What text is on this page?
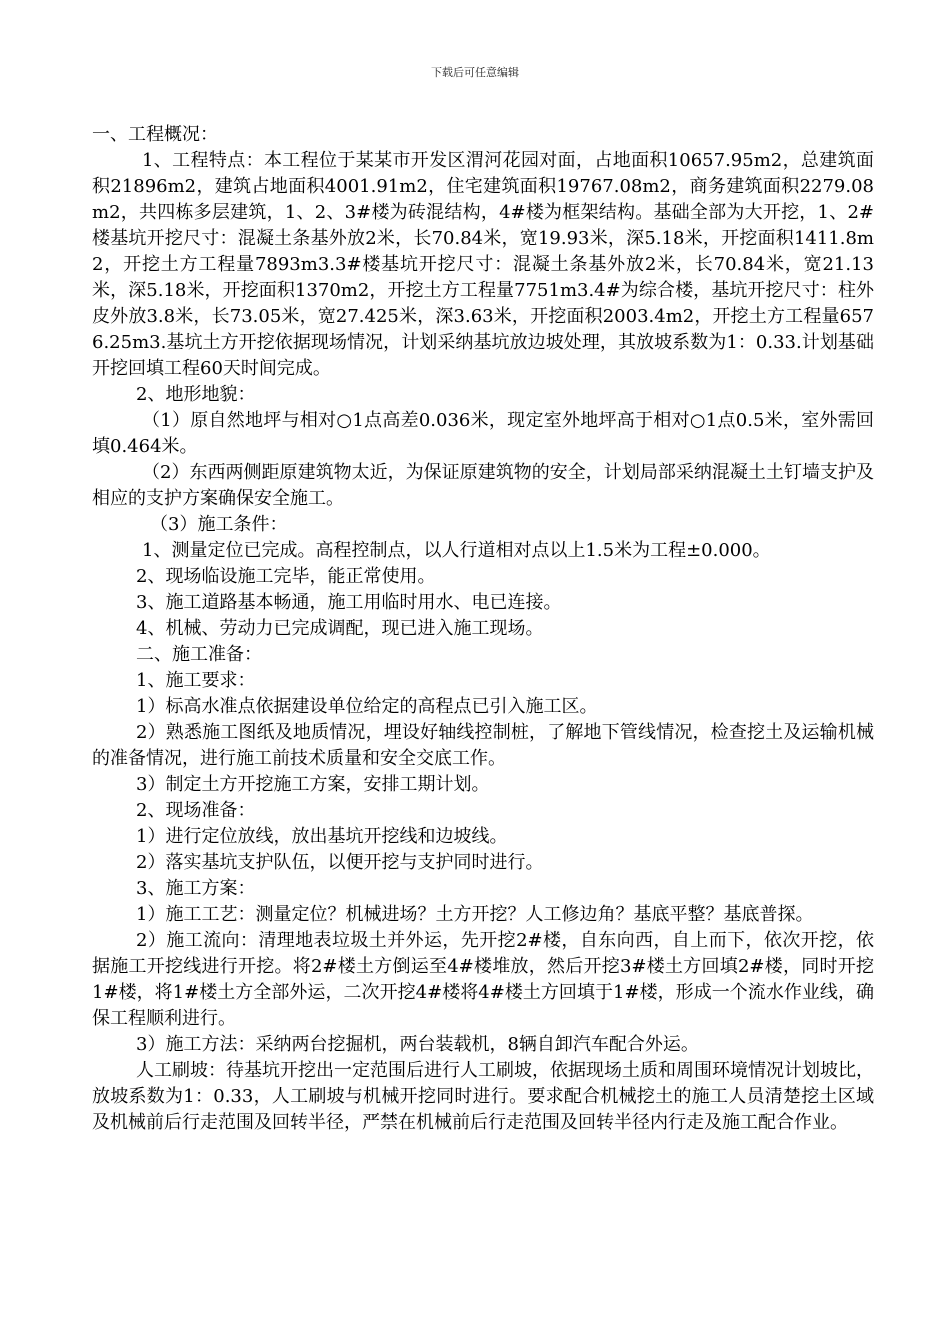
下载后可任意编辑

一、工程概况：

1、工程特点：本工程位于某某市开发区渭河花园对面，占地面积10657.95m2，总建筑面积21896m2，建筑占地面积4001.91m2，住宅建筑面积19767.08m2，商务建筑面积2279.08m2，共四栋多层建筑，1、2、3#楼为砖混结构，4#楼为框架结构。基础全部为大开挖，1、2#楼基坑开挖尺寸：混凝土条基外放2米，长70.84米，宽19.93米，深5.18米，开挖面积1411.8m2，开挖土方工程量7893m3.3#楼基坑开挖尺寸：混凝土条基外放2米，长70.84米，宽21.13米，深5.18米，开挖面积1370m2，开挖土方工程量7751m3.4#为综合楼，基坑开挖尺寸：柱外皮外放3.8米，长73.05米，宽27.425米，深3.63米，开挖面积2003.4m2，开挖土方工程量6576.25m3.基坑土方开挖依据现场情况，计划采纳基坑放边坡处理，其放坡系数为1：0.33.计划基础开挖回填工程60天时间完成。

2、地形地貌：

（1）原自然地坪与相对○1点高差0.036米，现定室外地坪高于相对○1点0.5米，室外需回填0.464米。

（2）东西两侧距原建筑物太近，为保证原建筑物的安全，计划局部采纳混凝土土钉墙支护及相应的支护方案确保安全施工。

（3）施工条件：

1、测量定位已完成。高程控制点，以人行道相对点以上1.5米为工程±0.000。

2、现场临设施工完毕，能正常使用。

3、施工道路基本畅通，施工用临时用水、电已连接。

4、机械、劳动力已完成调配，现已进入施工现场。

二、施工准备：

1、施工要求：

1）标高水准点依据建设单位给定的高程点已引入施工区。

2）熟悉施工图纸及地质情况，埋设好轴线控制桩，了解地下管线情况，检查挖土及运输机械的准备情况，进行施工前技术质量和安全交底工作。

3）制定土方开挖施工方案，安排工期计划。

2、现场准备：

1）进行定位放线，放出基坑开挖线和边坡线。

2）落实基坑支护队伍，以便开挖与支护同时进行。

3、施工方案：

1）施工工艺：测量定位？机械进场？土方开挖？人工修边角？基底平整？基底普探。

2）施工流向：清理地表垃圾土并外运，先开挖2#楼，自东向西，自上而下，依次开挖，依据施工开挖线进行开挖。将2#楼土方倒运至4#楼堆放，然后开挖3#楼土方回填2#楼，同时开挖1#楼，将1#楼土方全部外运，二次开挖4#楼将4#楼土方回填于1#楼，形成一个流水作业线，确保工程顺利进行。

3）施工方法：采纳两台挖掘机，两台装载机，8辆自卸汽车配合外运。

人工刷坡：待基坑开挖出一定范围后进行人工刷坡，依据现场土质和周围环境情况计划坡比，放坡系数为1：0.33，人工刷坡与机械开挖同时进行。要求配合机械挖土的施工人员清楚挖土区域及机械前后行走范围及回转半径，严禁在机械前后行走范围及回转半径内行走及施工配合作业。
